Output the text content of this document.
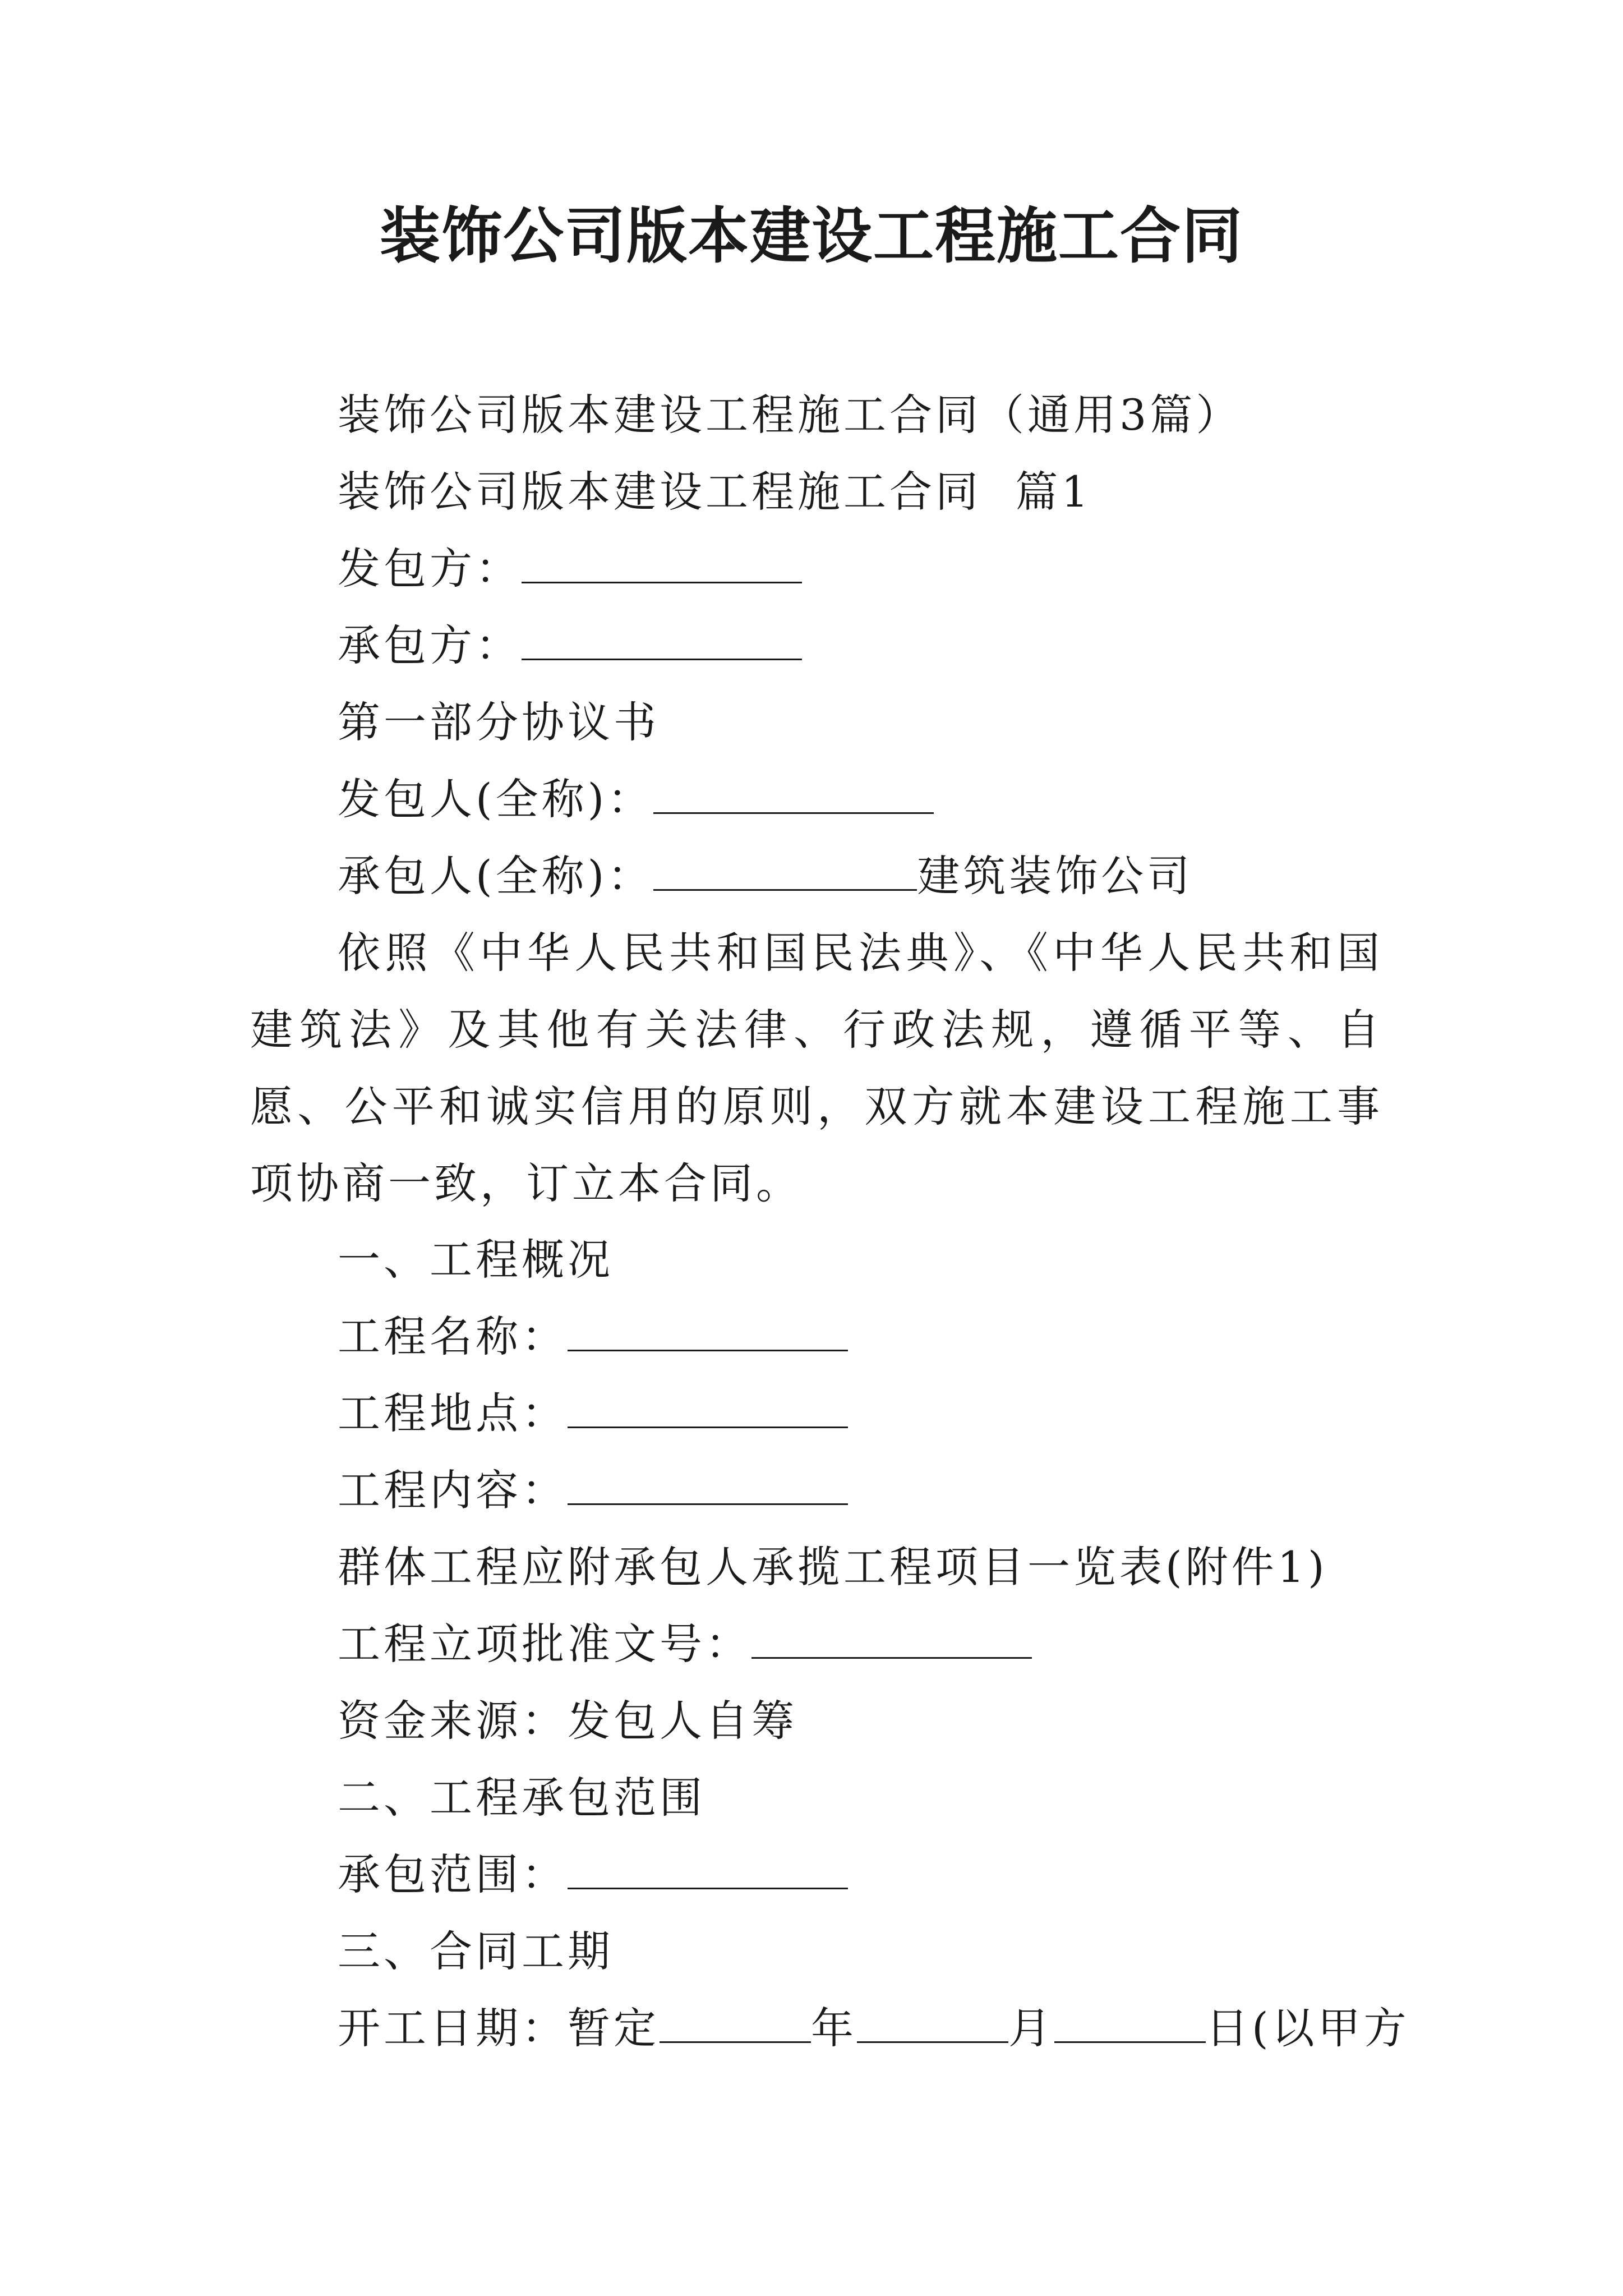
装饰公司版本建设工程施工合同
装饰公司版本建设工程施工合同（通用3篇）
装饰公司版本建设工程施工合同  篇1
发包方：
承包方：
第一部分协议书
发包人(全称)：
承包人(全称)：	建筑装饰公司
依照《中华人民共和国民法典》、《中华人民共和国建筑法》及其他有关法律、行政法规，遵循平等、自愿、公平和诚实信用的原则，双方就本建设工程施工事项协商一致，订立本合同。
一、工程概况
工程名称：
工程地点：
工程内容：
群体工程应附承包人承揽工程项目一览表(附件1)
工程立项批准文号：
资金来源：发包人自筹
二、工程承包范围
承包范围：
三、合同工期
开工日期：暂定	年	月	日(以甲方
